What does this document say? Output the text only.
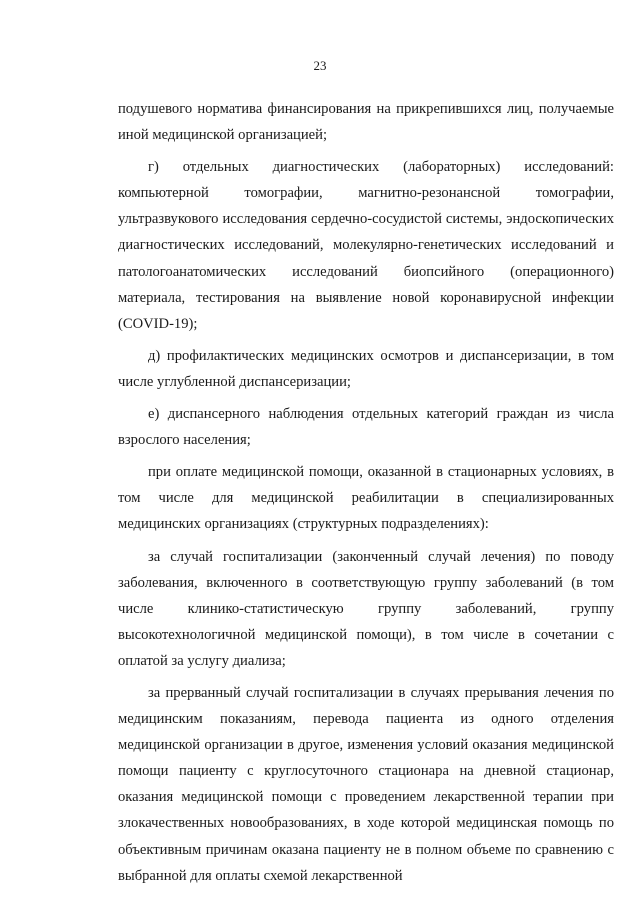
23

подушевого норматива финансирования на прикрепившихся лиц, получаемые иной медицинской организацией;

г) отдельных диагностических (лабораторных) исследований: компьютерной томографии, магнитно-резонансной томографии, ультразвукового исследования сердечно-сосудистой системы, эндоскопических диагностических исследований, молекулярно-генетических исследований и патологоанатомических исследований биопсийного (операционного) материала, тестирования на выявление новой коронавирусной инфекции (COVID-19);

д) профилактических медицинских осмотров и диспансеризации, в том числе углубленной диспансеризации;

е) диспансерного наблюдения отдельных категорий граждан из числа взрослого населения;

при оплате медицинской помощи, оказанной в стационарных условиях, в том числе для медицинской реабилитации в специализированных медицинских организациях (структурных подразделениях):

за случай госпитализации (законченный случай лечения) по поводу заболевания, включенного в соответствующую группу заболеваний (в том числе клинико-статистическую группу заболеваний, группу высокотехнологичной медицинской помощи), в том числе в сочетании с оплатой за услугу диализа;

за прерванный случай госпитализации в случаях прерывания лечения по медицинским показаниям, перевода пациента из одного отделения медицинской организации в другое, изменения условий оказания медицинской помощи пациенту с круглосуточного стационара на дневной стационар, оказания медицинской помощи с проведением лекарственной терапии при злокачественных новообразованиях, в ходе которой медицинская помощь по объективным причинам оказана пациенту не в полном объеме по сравнению с выбранной для оплаты схемой лекарственной
